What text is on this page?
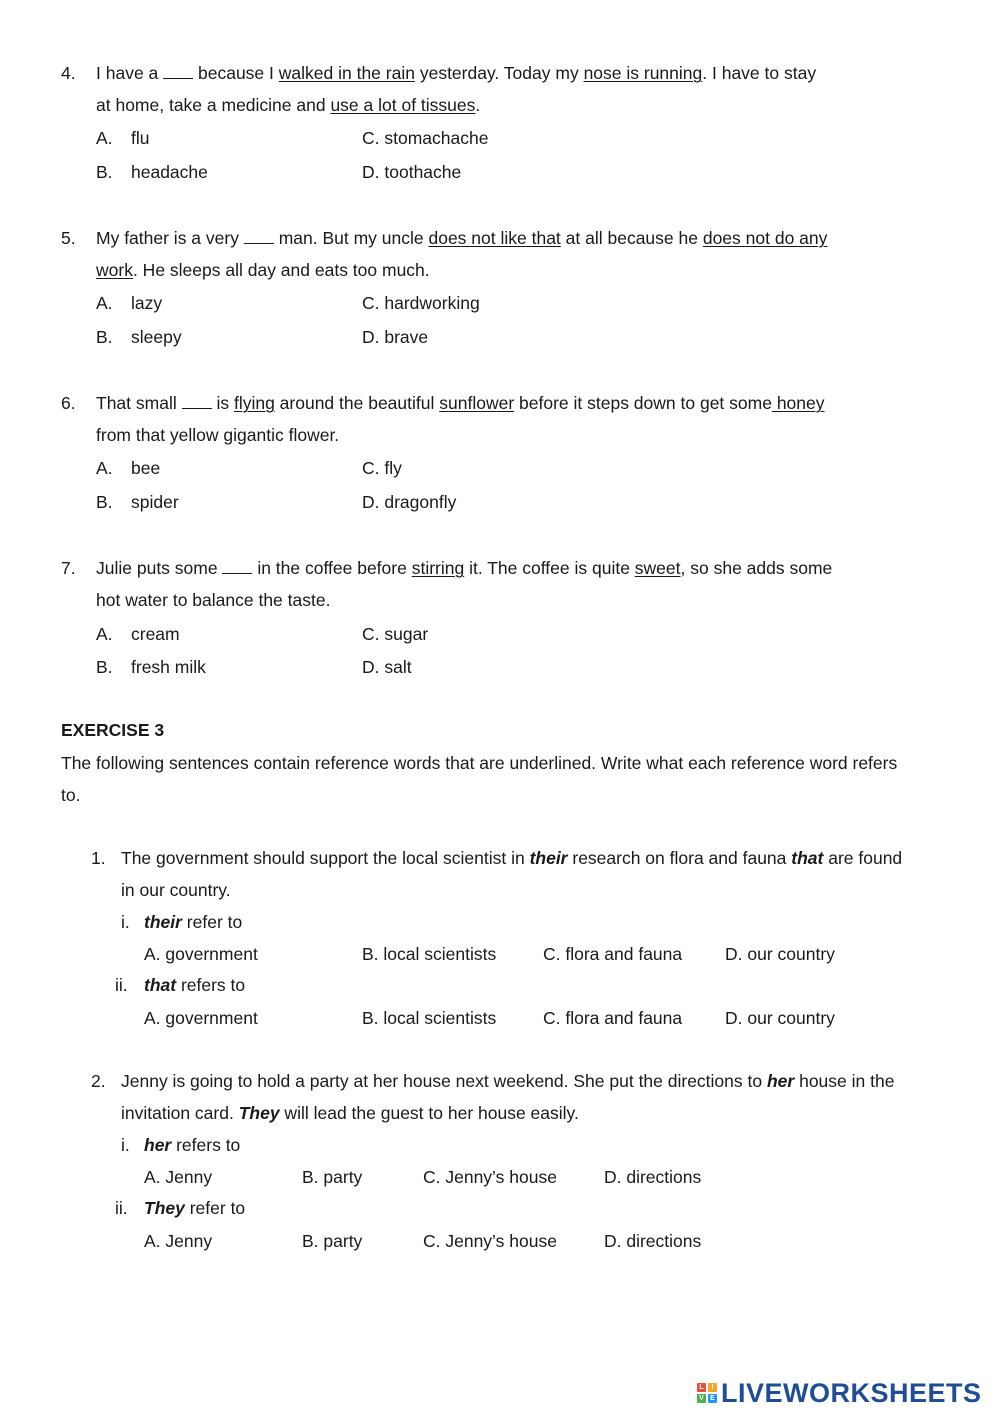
4. I have a  because I walked in the rain yesterday. Today my nose is running. I have to stay
at home, take a medicine and use a lot of tissues.
A. flu	C. stomachache
B. headache	D. toothache
5. My father is a very  man. But my uncle does not like that at all because he does not do any
work. He sleeps all day and eats too much.
A. lazy	C. hardworking
B. sleepy	D. brave
6. That small  is flying around the beautiful sunflower before it steps down to get some honey
from that yellow gigantic flower.
A. bee	C. fly
B. spider	D. dragonfly
7. Julie puts some  in the coffee before stirring it. The coffee is quite sweet, so she adds some
hot water to balance the taste.
A. cream	C. sugar
B. fresh milk	D. salt
EXERCISE 3
The following sentences contain reference words that are underlined. Write what each reference word refers
to.
1. The government should support the local scientist in their research on flora and fauna that are found
in our country.
i. their refer to
A. government	B. local scientists	C. flora and fauna D. our country
ii. that refers to
A. government	B. local scientists	C. flora and fauna D. our country
2. Jenny is going to hold a party at her house next weekend. She put the directions to her house in the
invitation card. They will lead the guest to her house easily.
i. her refers to
A. Jenny	B. party	C. Jenny’s house	D. directions
ii. They refer to
A. Jenny	B. party	C. Jenny’s house	D. directions
L	I
V E LIVEWORKSHEETS
